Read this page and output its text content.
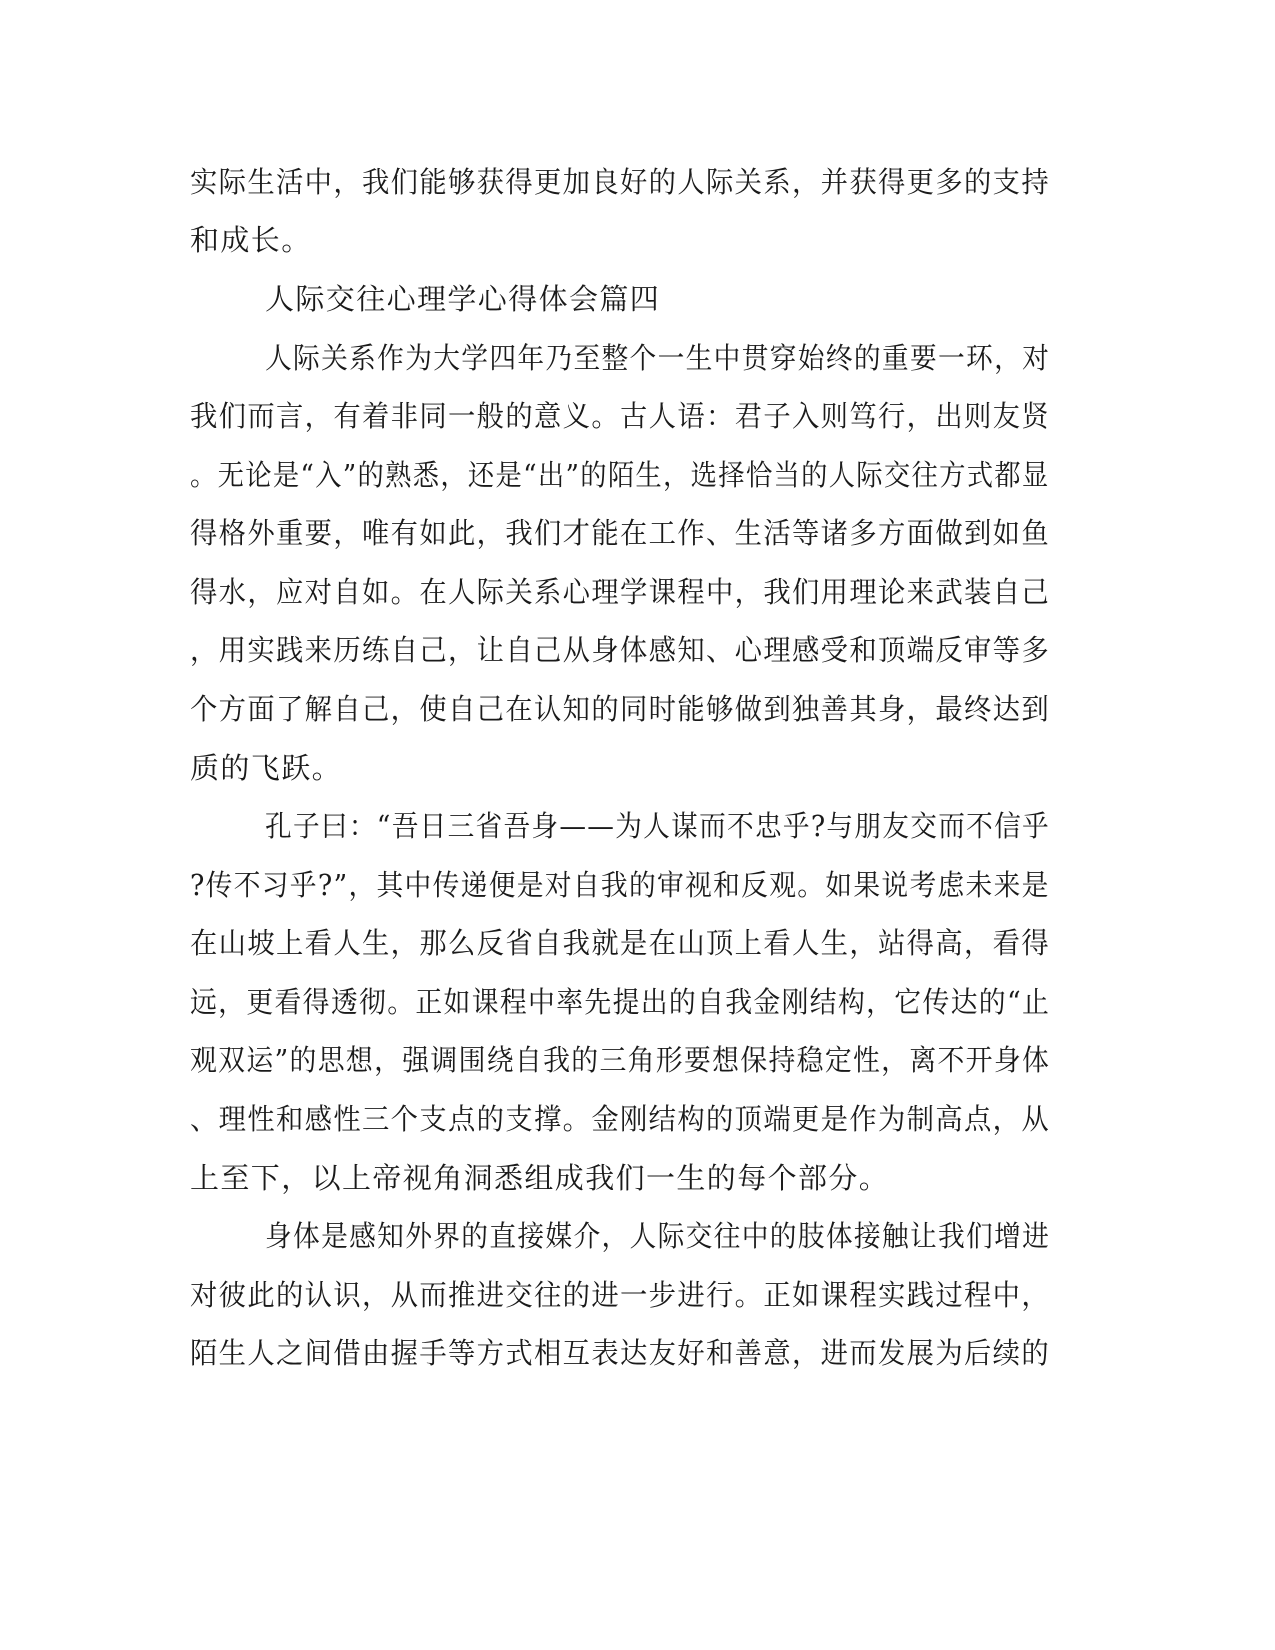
实际生活中，我们能够获得更加良好的人际关系，并获得更多的支持
和成长。
人际交往心理学心得体会篇四
人际关系作为大学四年乃至整个一生中贯穿始终的重要一环，对
我们而言，有着非同一般的意义。古人语：君子入则笃行，出则友贤
。无论是“入”的熟悉，还是“出”的陌生，选择恰当的人际交往方式都显
得格外重要，唯有如此，我们才能在工作、生活等诸多方面做到如鱼
得水，应对自如。在人际关系心理学课程中，我们用理论来武装自己
，用实践来历练自己，让自己从身体感知、心理感受和顶端反审等多
个方面了解自己，使自己在认知的同时能够做到独善其身，最终达到
质的飞跃。
孔子曰：“吾日三省吾身——为人谋而不忠乎?与朋友交而不信乎
?传不习乎?”，其中传递便是对自我的审视和反观。如果说考虑未来是
在山坡上看人生，那么反省自我就是在山顶上看人生，站得高，看得
远，更看得透彻。正如课程中率先提出的自我金刚结构，它传达的“止
观双运”的思想，强调围绕自我的三角形要想保持稳定性，离不开身体
、理性和感性三个支点的支撑。金刚结构的顶端更是作为制高点，从
上至下，以上帝视角洞悉组成我们一生的每个部分。
身体是感知外界的直接媒介，人际交往中的肢体接触让我们增进
对彼此的认识，从而推进交往的进一步进行。正如课程实践过程中，
陌生人之间借由握手等方式相互表达友好和善意，进而发展为后续的
